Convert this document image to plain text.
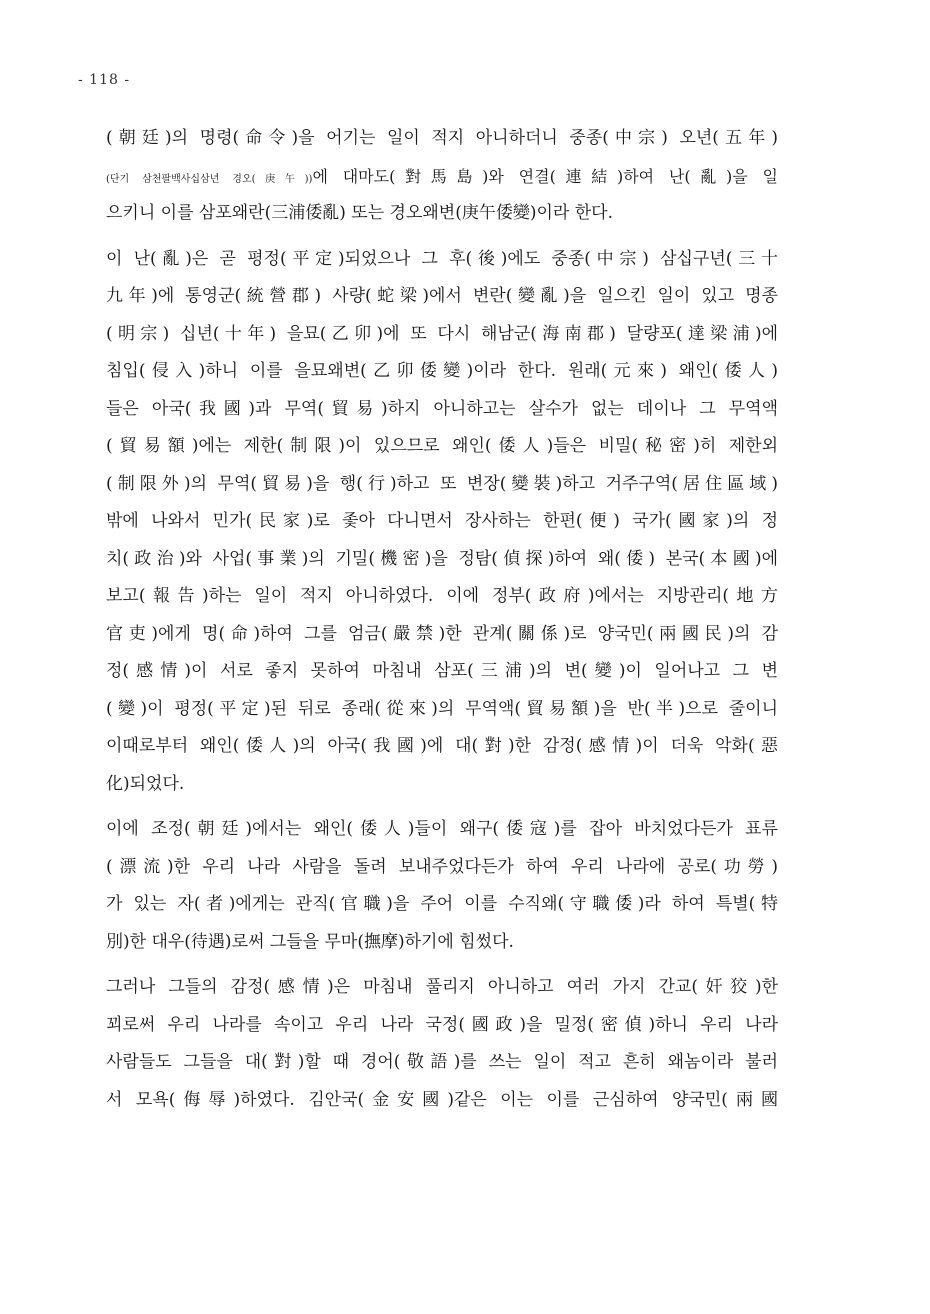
- 118 -
(朝廷)의 명령(命令)을 어기는 일이 적지 아니하더니 중종(中宗) 오년(五年)
(단기 삼천팔백사십삼년 경오(庚午))에 대마도(對馬島)와 연결(連結)하여 난(亂)을 일
으키니 이를 삼포왜란(三浦倭亂) 또는 경오왜변(庚午倭變)이라 한다.
이 난(亂)은 곧 평정(平定)되었으나 그 후(後)에도 중종(中宗) 삼십구년(三十
九年)에 통영군(統營郡) 사량(蛇梁)에서 변란(變亂)을 일으킨 일이 있고 명종
(明宗) 십년(十年) 을묘(乙卯)에 또 다시 해남군(海南郡) 달량포(達梁浦)에
침입(侵入)하니 이를 을묘왜변(乙卯倭變)이라 한다. 원래(元來) 왜인(倭人)
들은 아국(我國)과 무역(貿易)하지 아니하고는 살수가 없는 데이나 그 무역액
(貿易額)에는 제한(制限)이 있으므로 왜인(倭人)들은 비밀(秘密)히 제한외
(制限外)의 무역(貿易)을 행(行)하고 또 변장(變裝)하고 거주구역(居住區域)
밖에 나와서 민가(民家)로 좇아 다니면서 장사하는 한편(便) 국가(國家)의 정
치(政治)와 사업(事業)의 기밀(機密)을 정탐(偵探)하여 왜(倭) 본국(本國)에
보고(報告)하는 일이 적지 아니하였다. 이에 정부(政府)에서는 지방관리(地方
官吏)에게 명(命)하여 그를 엄금(嚴禁)한 관계(關係)로 양국민(兩國民)의 감
정(感情)이 서로 좋지 못하여 마침내 삼포(三浦)의 변(變)이 일어나고 그 변
(變)이 평정(平定)된 뒤로 종래(從來)의 무역액(貿易額)을 반(半)으로 줄이니
이때로부터 왜인(倭人)의 아국(我國)에 대(對)한 감정(感情)이 더욱 악화(惡
化)되었다.
이에 조정(朝廷)에서는 왜인(倭人)들이 왜구(倭寇)를 잡아 바치었다든가 표류
(漂流)한 우리 나라 사람을 돌려 보내주었다든가 하여 우리 나라에 공로(功勞)
가 있는 자(者)에게는 관직(官職)을 주어 이를 수직왜(守職倭)라 하여 특별(特
別)한 대우(待遇)로써 그들을 무마(撫摩)하기에 힘썼다.
그러나 그들의 감정(感情)은 마침내 풀리지 아니하고 여러 가지 간교(奸狡)한
꾀로써 우리 나라를 속이고 우리 나라 국정(國政)을 밀정(密偵)하니 우리 나라
사람들도 그들을 대(對)할 때 경어(敬語)를 쓰는 일이 적고 흔히 왜놈이라 불러
서 모욕(侮辱)하였다. 김안국(金安國)같은 이는 이를 근심하여 양국민(兩國
